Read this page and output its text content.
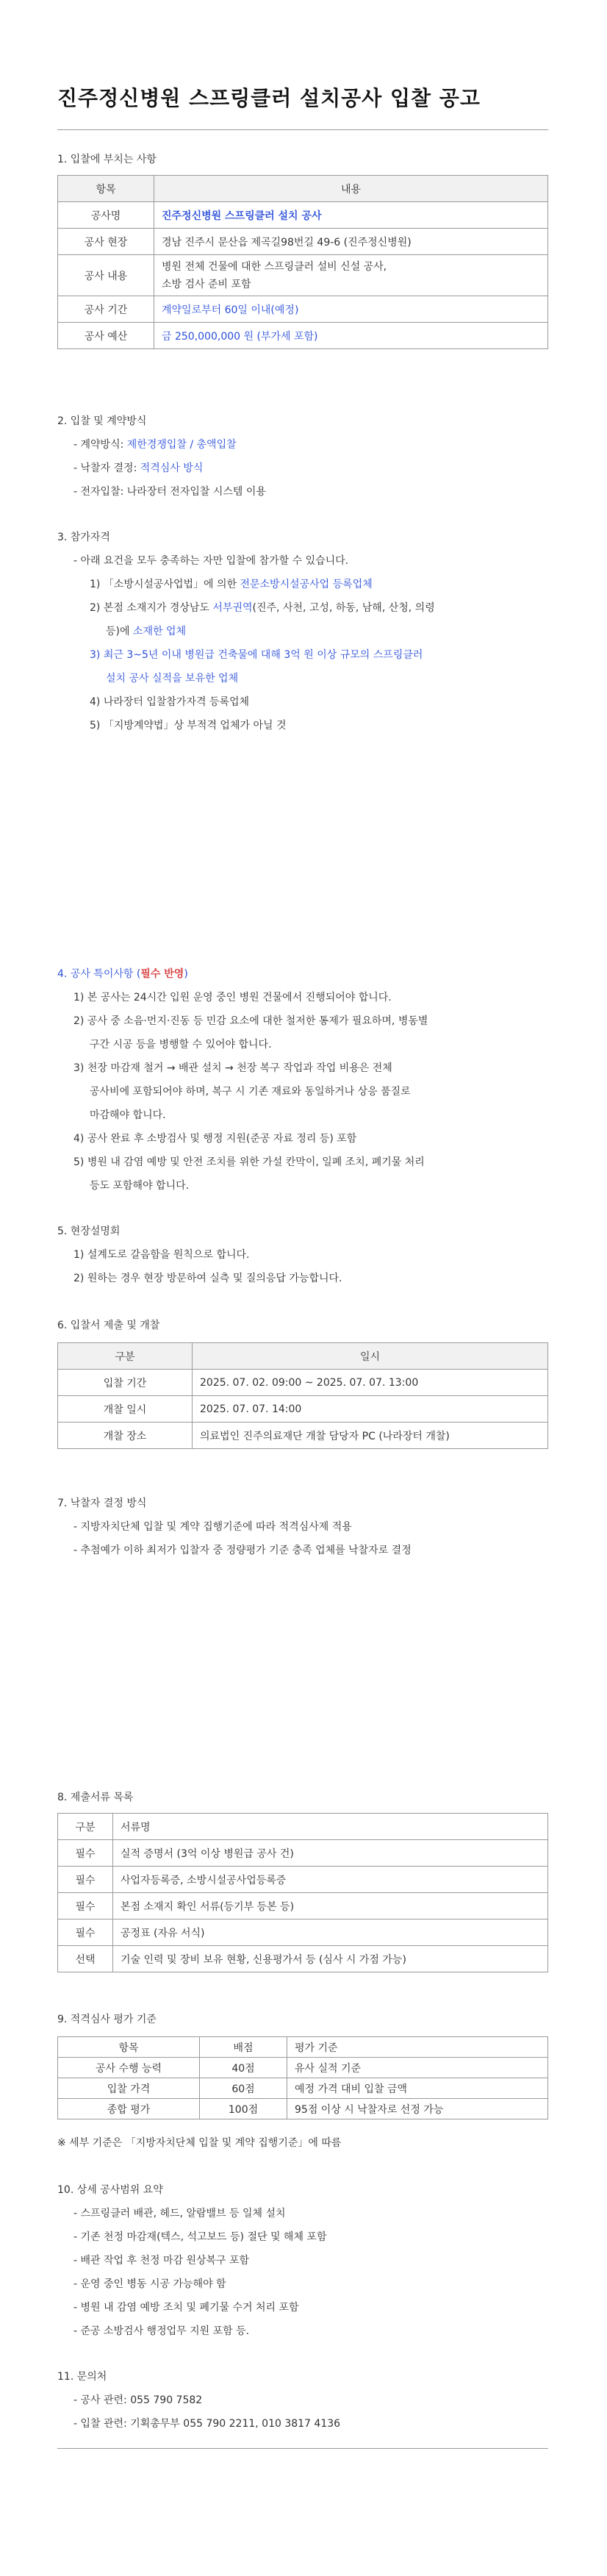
진주정신병원 스프링클러 설치공사 입찰 공고
1. 입찰에 부치는 사항
항목	내용
공사명	진주정신병원 스프링클러 설치 공사
공사 현장	경남 진주시 문산읍 제곡길98번길 49-6 (진주정신병원)
공사 내용	병원 전체 건물에 대한 스프링클러 설비 신설 공사,
소방 검사 준비 포함

공사 기간	계약일로부터 60일 이내(예정)
공사 예산	금 250,000,000 원 (부가세 포함)
2. 입찰 및 계약방식
- 계약방식: 제한경쟁입찰 / 총액입찰
- 낙찰자 결정: 적격심사 방식
- 전자입찰: 나라장터 전자입찰 시스템 이용
3. 참가자격
- 아래 요건을 모두 충족하는 자만 입찰에 참가할 수 있습니다.
1) 「소방시설공사업법」에 의한 전문소방시설공사업 등록업체
2) 본점 소재지가 경상남도 서부권역(진주, 사천, 고성, 하동, 남해, 산청, 의령
등)에 소재한 업체
3) 최근 3~5년 이내 병원급 건축물에 대해 3억 원 이상 규모의 스프링클러
설치 공사 실적을 보유한 업체
4) 나라장터 입찰참가자격 등록업체
5) 「지방계약법」상 부적격 업체가 아닐 것
4. 공사 특이사항 (필수 반영)
1) 본 공사는 24시간 입원 운영 중인 병원 건물에서 진행되어야 합니다.
2) 공사 중 소음·먼지·진동 등 민감 요소에 대한 철저한 통제가 필요하며, 병동별
구간 시공 등을 병행할 수 있어야 합니다.
3) 천장 마감재 철거 → 배관 설치 → 천장 복구 작업과 작업 비용은 전체
공사비에 포함되어야 하며, 복구 시 기존 재료와 동일하거나 상응 품질로
마감해야 합니다.
4) 공사 완료 후 소방검사 및 행정 지원(준공 자료 정리 등) 포함
5) 병원 내 감염 예방 및 안전 조치를 위한 가설 칸막이, 일폐 조치, 폐기물 처리
등도 포함해야 합니다.
5. 현장설명회
1) 설계도로 갈음함을 원칙으로 합니다.
2) 원하는 경우 현장 방문하여 실측 및 질의응답 가능합니다.
6. 입찰서 제출 및 개찰
구분	일시
입찰 기간	2025. 07. 02. 09:00 ~ 2025. 07. 07. 13:00
개찰 일시	2025. 07. 07. 14:00
개찰 장소	의료법인 진주의료재단 개찰 담당자 PC (나라장터 개찰)
7. 낙찰자 결정 방식
- 지방자치단체 입찰 및 계약 집행기준에 따라 적격심사제 적용
- 추첨예가 이하 최저가 입찰자 중 정량평가 기준 충족 업체를 낙찰자로 결정
8. 제출서류 목록
구분	서류명
필수	실적 증명서 (3억 이상 병원급 공사 건)
필수	사업자등록증, 소방시설공사업등록증
필수	본점 소재지 확인 서류(등기부 등본 등)
필수	공정표 (자유 서식)
선택	기술 인력 및 장비 보유 현황, 신용평가서 등 (심사 시 가점 가능)
9. 적격심사 평가 기준
항목	배점	평가 기준
공사 수행 능력	40점	유사 실적 기준
입찰 가격	60점	예정 가격 대비 입찰 금액
종합 평가	100점	95점 이상 시 낙찰자로 선정 가능
※ 세부 기준은 「지방자치단체 입찰 및 계약 집행기준」에 따름
10. 상세 공사범위 요약
- 스프링클러 배관, 헤드, 알람밸브 등 일체 설치
- 기존 천정 마감재(텍스, 석고보드 등) 절단 및 해체 포함
- 배관 작업 후 천정 마감 원상복구 포함
- 운영 중인 병동 시공 가능해야 함
- 병원 내 감염 예방 조치 및 폐기물 수거 처리 포함
- 준공 소방검사 행정업무 지원 포함 등.
11. 문의처
- 공사 관련: 055 790 7582
- 입찰 관련: 기획총무부 055 790 2211, 010 3817 4136
